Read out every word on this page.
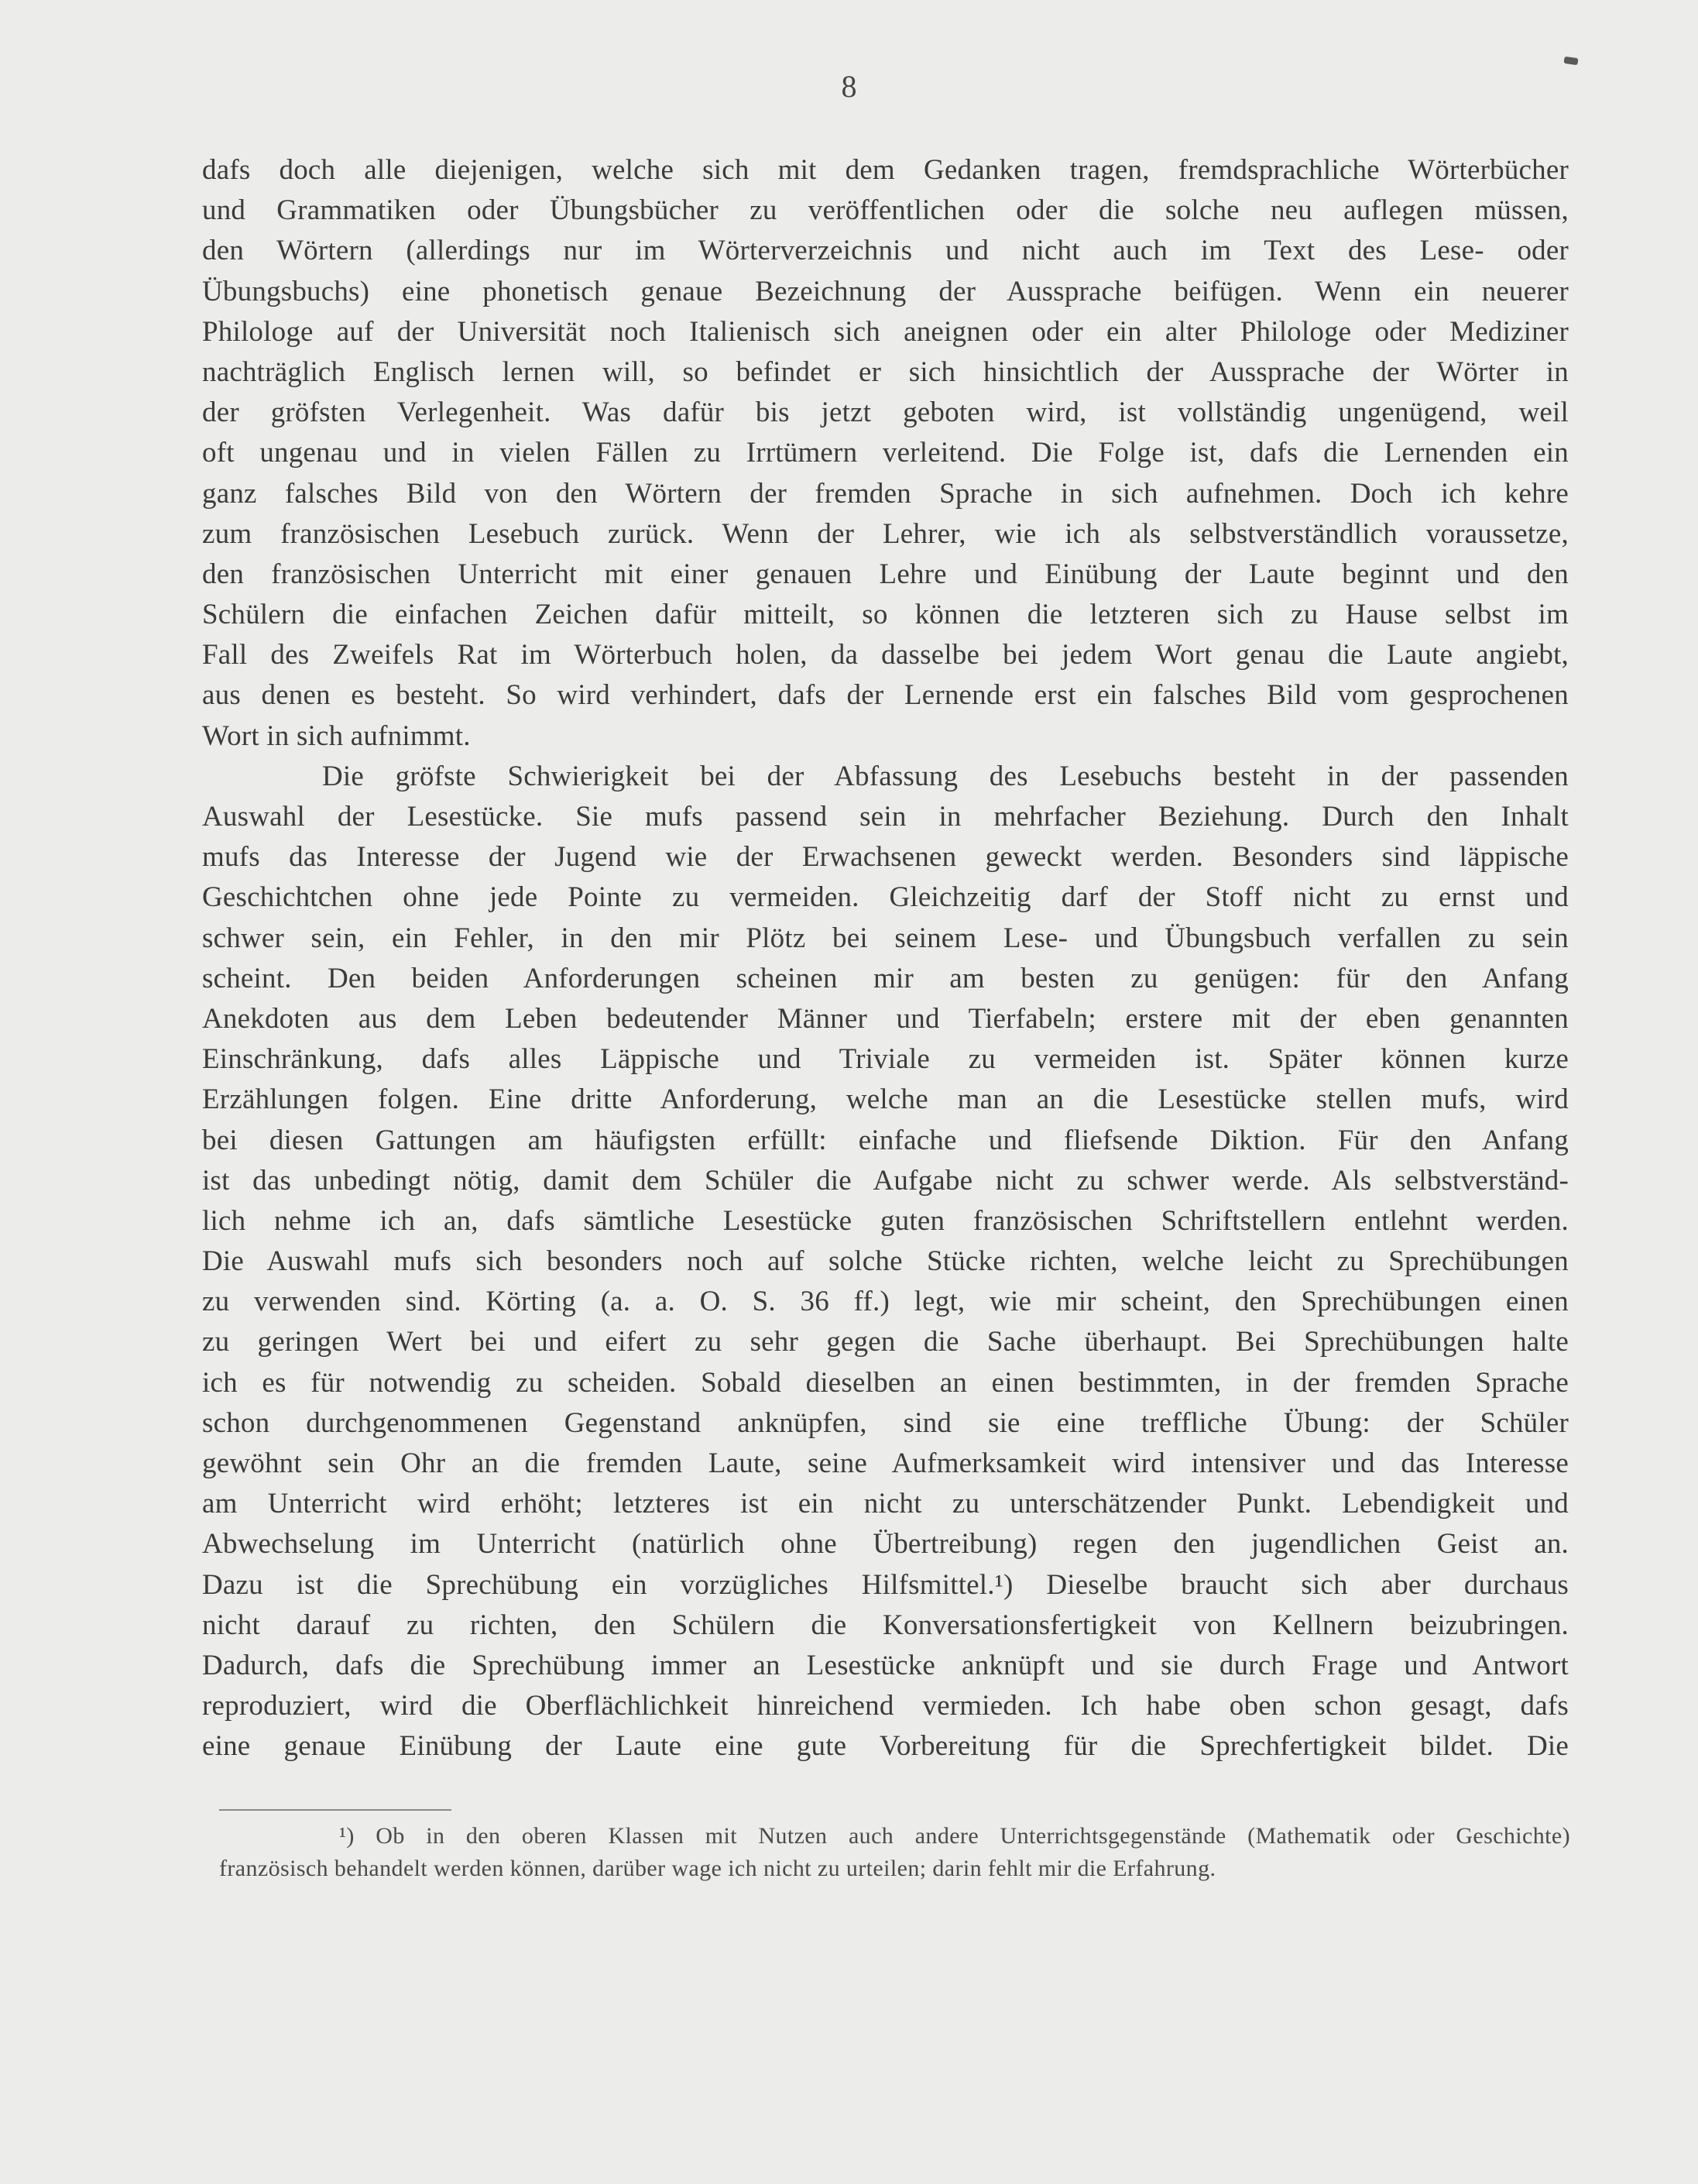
8
dafs doch alle diejenigen, welche sich mit dem Gedanken tragen, fremdsprachliche Wörterbücher
und Grammatiken oder Übungsbücher zu veröffentlichen oder die solche neu auflegen müssen,
den Wörtern (allerdings nur im Wörterverzeichnis und nicht auch im Text des Lese- oder
Übungsbuchs) eine phonetisch genaue Bezeichnung der Aussprache beifügen. Wenn ein neuerer
Philologe auf der Universität noch Italienisch sich aneignen oder ein alter Philologe oder Mediziner
nachträglich Englisch lernen will, so befindet er sich hinsichtlich der Aussprache der Wörter in
der gröfsten Verlegenheit. Was dafür bis jetzt geboten wird, ist vollständig ungenügend, weil
oft ungenau und in vielen Fällen zu Irrtümern verleitend. Die Folge ist, dafs die Lernenden ein
ganz falsches Bild von den Wörtern der fremden Sprache in sich aufnehmen. Doch ich kehre
zum französischen Lesebuch zurück. Wenn der Lehrer, wie ich als selbstverständlich voraussetze,
den französischen Unterricht mit einer genauen Lehre und Einübung der Laute beginnt und den
Schülern die einfachen Zeichen dafür mitteilt, so können die letzteren sich zu Hause selbst im
Fall des Zweifels Rat im Wörterbuch holen, da dasselbe bei jedem Wort genau die Laute angiebt,
aus denen es besteht. So wird verhindert, dafs der Lernende erst ein falsches Bild vom gesprochenen
Wort in sich aufnimmt.
Die gröfste Schwierigkeit bei der Abfassung des Lesebuchs besteht in der passenden
Auswahl der Lesestücke. Sie mufs passend sein in mehrfacher Beziehung. Durch den Inhalt
mufs das Interesse der Jugend wie der Erwachsenen geweckt werden. Besonders sind läppische
Geschichtchen ohne jede Pointe zu vermeiden. Gleichzeitig darf der Stoff nicht zu ernst und
schwer sein, ein Fehler, in den mir Plötz bei seinem Lese- und Übungsbuch verfallen zu sein
scheint. Den beiden Anforderungen scheinen mir am besten zu genügen: für den Anfang
Anekdoten aus dem Leben bedeutender Männer und Tierfabeln; erstere mit der eben genannten
Einschränkung, dafs alles Läppische und Triviale zu vermeiden ist. Später können kurze
Erzählungen folgen. Eine dritte Anforderung, welche man an die Lesestücke stellen mufs, wird
bei diesen Gattungen am häufigsten erfüllt: einfache und fliefsende Diktion. Für den Anfang
ist das unbedingt nötig, damit dem Schüler die Aufgabe nicht zu schwer werde. Als selbstverständ-
lich nehme ich an, dafs sämtliche Lesestücke guten französischen Schriftstellern entlehnt werden.
Die Auswahl mufs sich besonders noch auf solche Stücke richten, welche leicht zu Sprechübungen
zu verwenden sind. Körting (a. a. O. S. 36 ff.) legt, wie mir scheint, den Sprechübungen einen
zu geringen Wert bei und eifert zu sehr gegen die Sache überhaupt. Bei Sprechübungen halte
ich es für notwendig zu scheiden. Sobald dieselben an einen bestimmten, in der fremden Sprache
schon durchgenommenen Gegenstand anknüpfen, sind sie eine treffliche Übung: der Schüler
gewöhnt sein Ohr an die fremden Laute, seine Aufmerksamkeit wird intensiver und das Interesse
am Unterricht wird erhöht; letzteres ist ein nicht zu unterschätzender Punkt. Lebendigkeit und
Abwechselung im Unterricht (natürlich ohne Übertreibung) regen den jugendlichen Geist an.
Dazu ist die Sprechübung ein vorzügliches Hilfsmittel.¹) Dieselbe braucht sich aber durchaus
nicht darauf zu richten, den Schülern die Konversationsfertigkeit von Kellnern beizubringen.
Dadurch, dafs die Sprechübung immer an Lesestücke anknüpft und sie durch Frage und Antwort
reproduziert, wird die Oberflächlichkeit hinreichend vermieden. Ich habe oben schon gesagt, dafs
eine genaue Einübung der Laute eine gute Vorbereitung für die Sprechfertigkeit bildet. Die
¹) Ob in den oberen Klassen mit Nutzen auch andere Unterrichtsgegenstände (Mathematik oder Geschichte)
französisch behandelt werden können, darüber wage ich nicht zu urteilen; darin fehlt mir die Erfahrung.
